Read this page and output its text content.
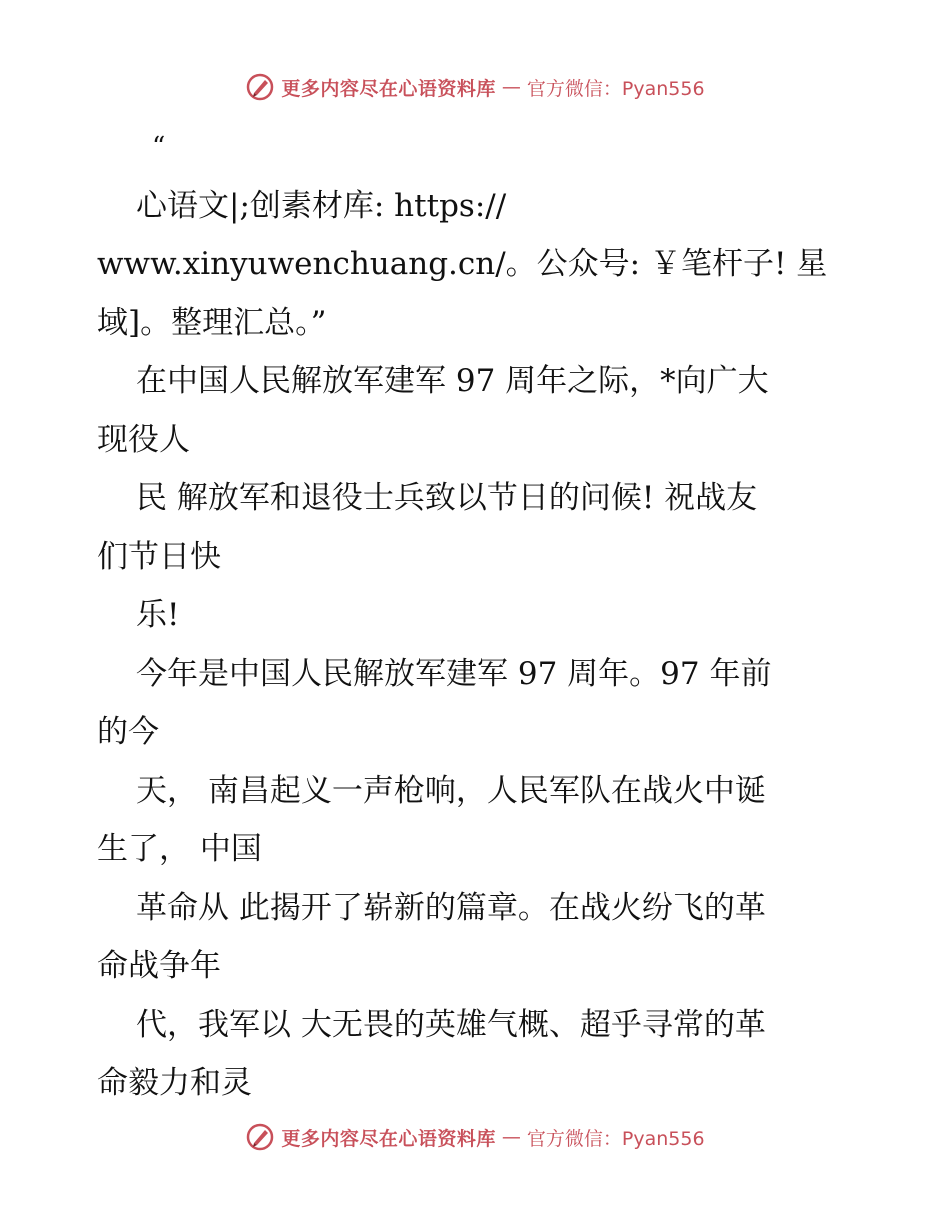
更多内容尽在心语资料库 — 官方微信：Pyan556
“
心语文|;创素材库: https://
www.xinyuwenchuang.cn/。公众号: ￥笔杆子! 星
域]。整理汇总。”
在中国人民解放军建军 97 周年之际，*向广大
现役人
民 解放军和退役士兵致以节日的问候! 祝战友
们节日快
乐!
今年是中国人民解放军建军 97 周年。97 年前
的今
天， 南昌起义一声枪响，人民军队在战火中诞
生了， 中国
革命从 此揭开了崭新的篇章。在战火纷飞的革
命战争年
代，我军以 大无畏的英雄气概、超乎寻常的革
命毅力和灵
更多内容尽在心语资料库 — 官方微信：Pyan556
